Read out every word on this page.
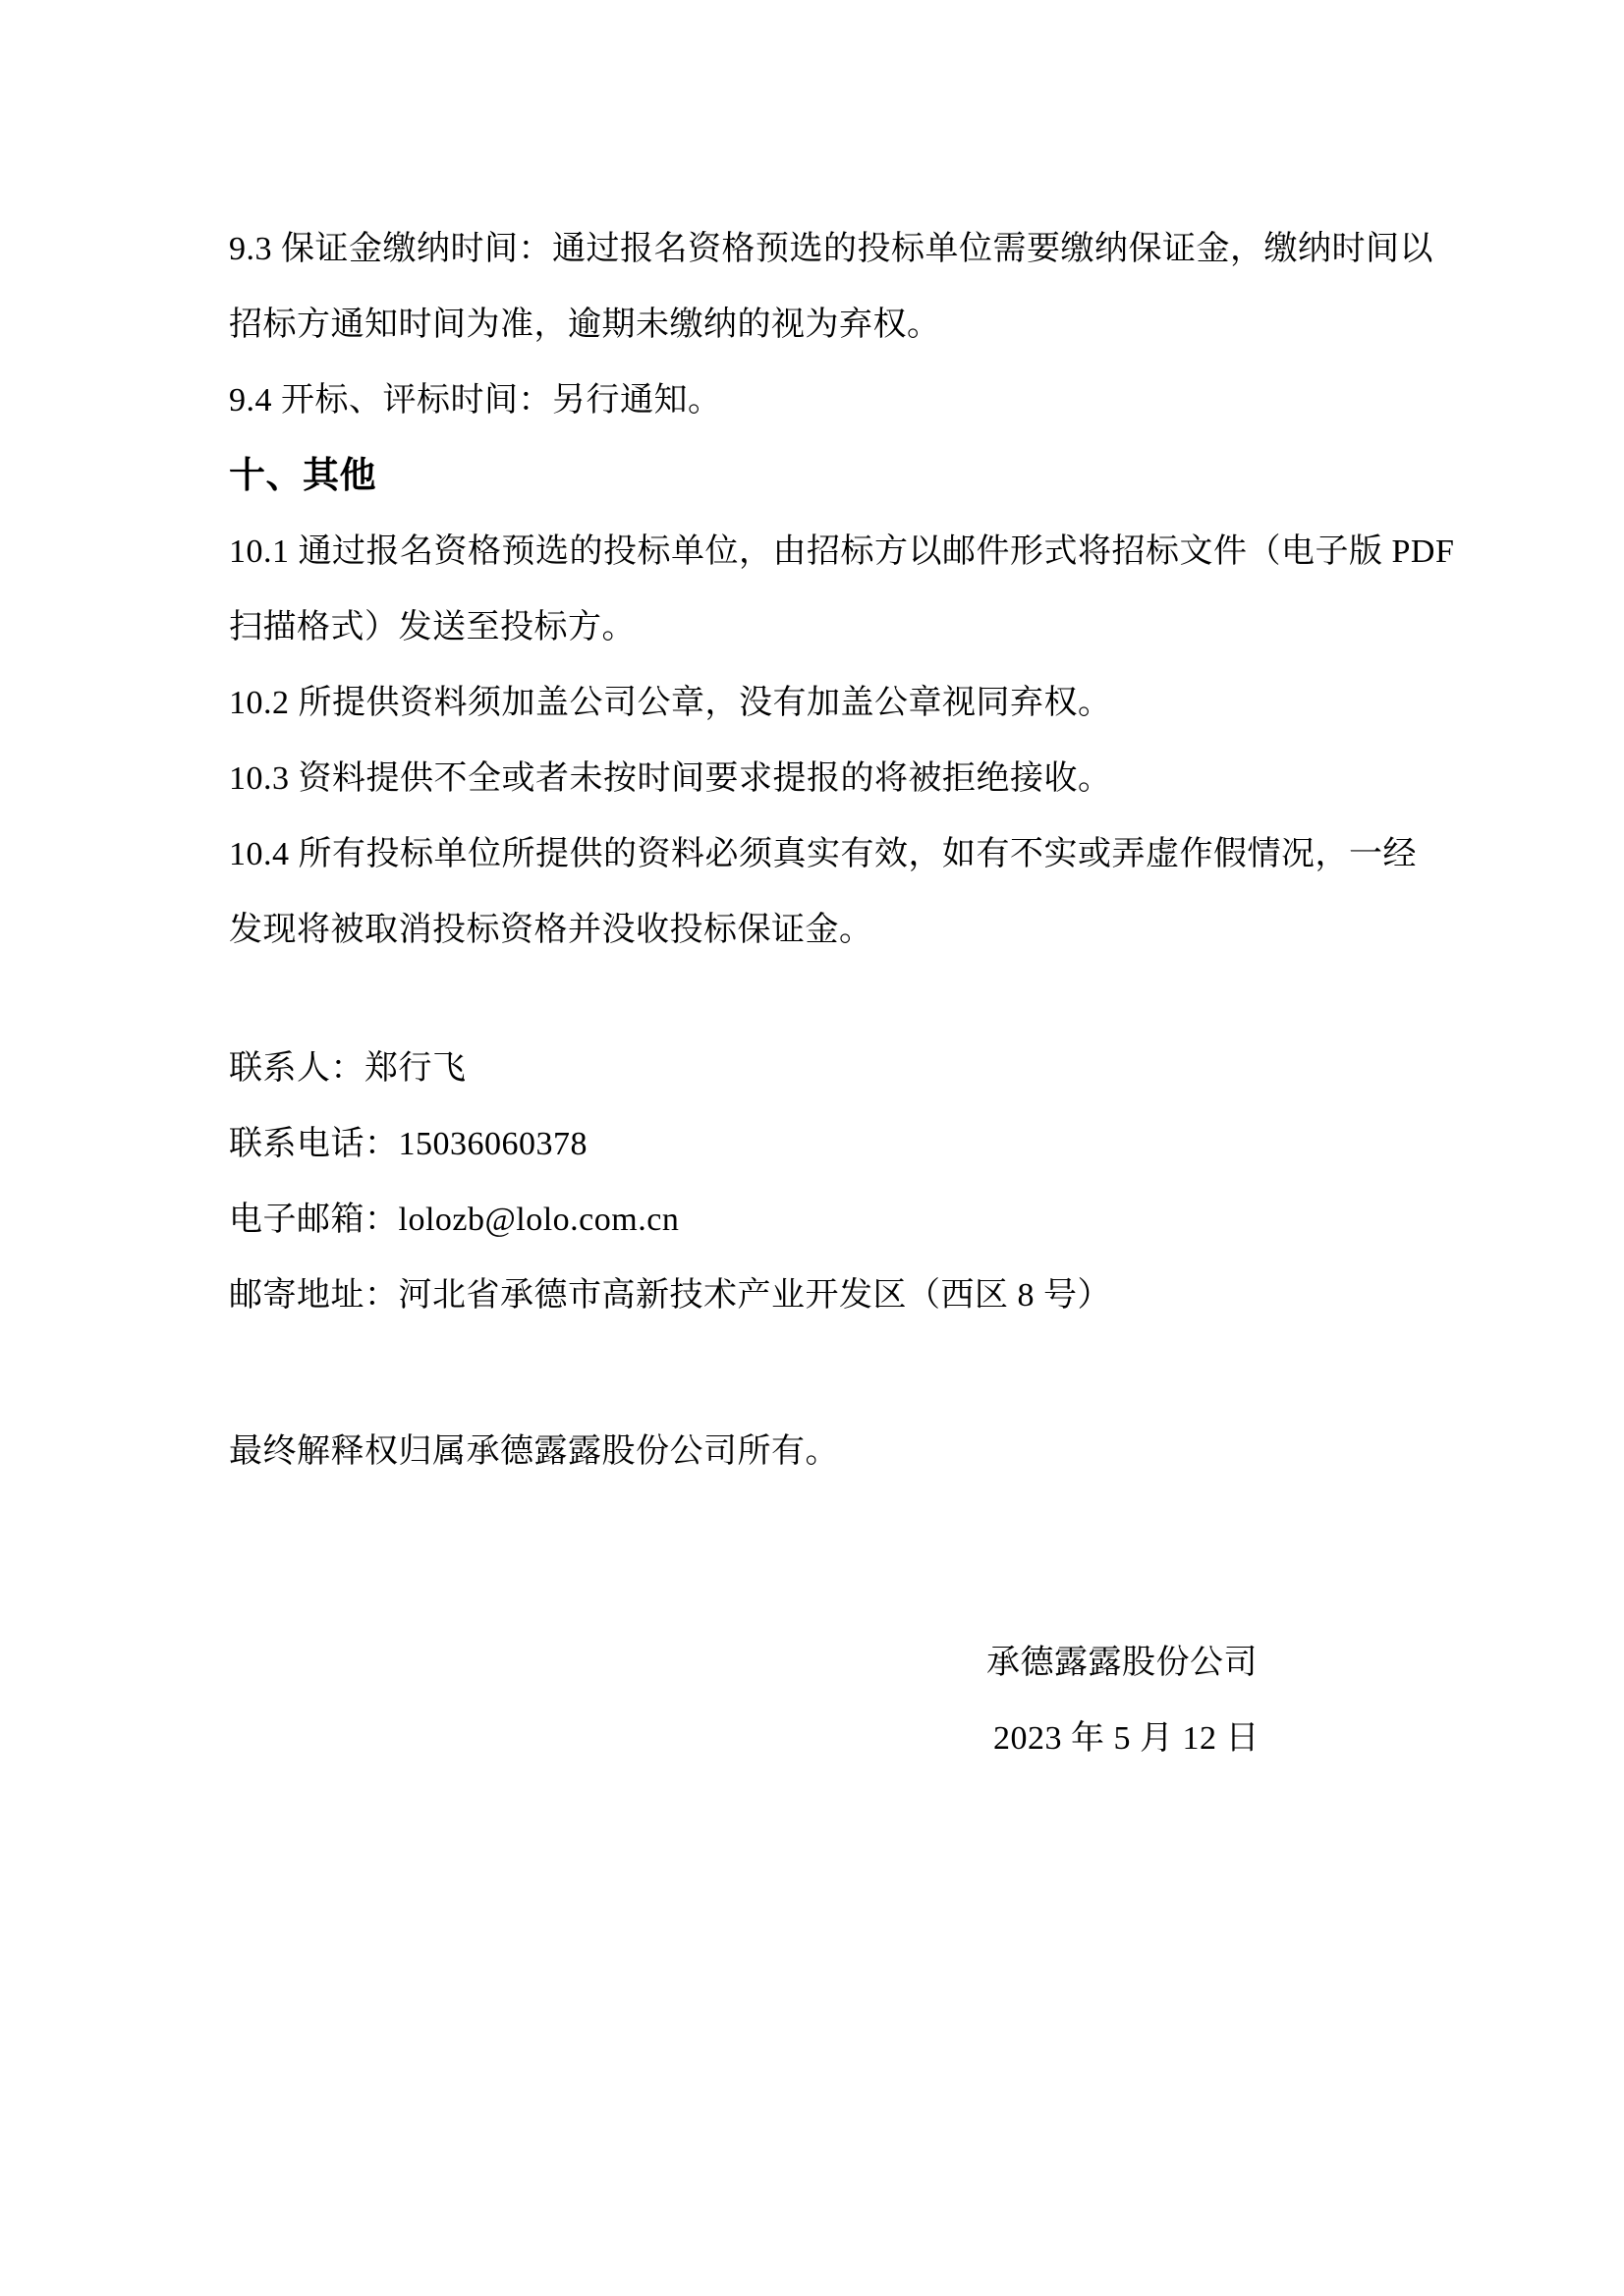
9.3 保证金缴纳时间：通过报名资格预选的投标单位需要缴纳保证金，缴纳时间以
招标方通知时间为准，逾期未缴纳的视为弃权。

9.4 开标、评标时间：另行通知。

十、其他

10.1 通过报名资格预选的投标单位，由招标方以邮件形式将招标文件（电子版 PDF
扫描格式）发送至投标方。

10.2 所提供资料须加盖公司公章，没有加盖公章视同弃权。

10.3 资料提供不全或者未按时间要求提报的将被拒绝接收。

10.4 所有投标单位所提供的资料必须真实有效，如有不实或弄虚作假情况，一经
发现将被取消投标资格并没收投标保证金。

联系人：郑行飞

联系电话：15036060378

电子邮箱：lolozb@lolo.com.cn

邮寄地址：河北省承德市高新技术产业开发区（西区 8 号）

最终解释权归属承德露露股份公司所有。

承德露露股份公司

2023 年 5 月 12 日
